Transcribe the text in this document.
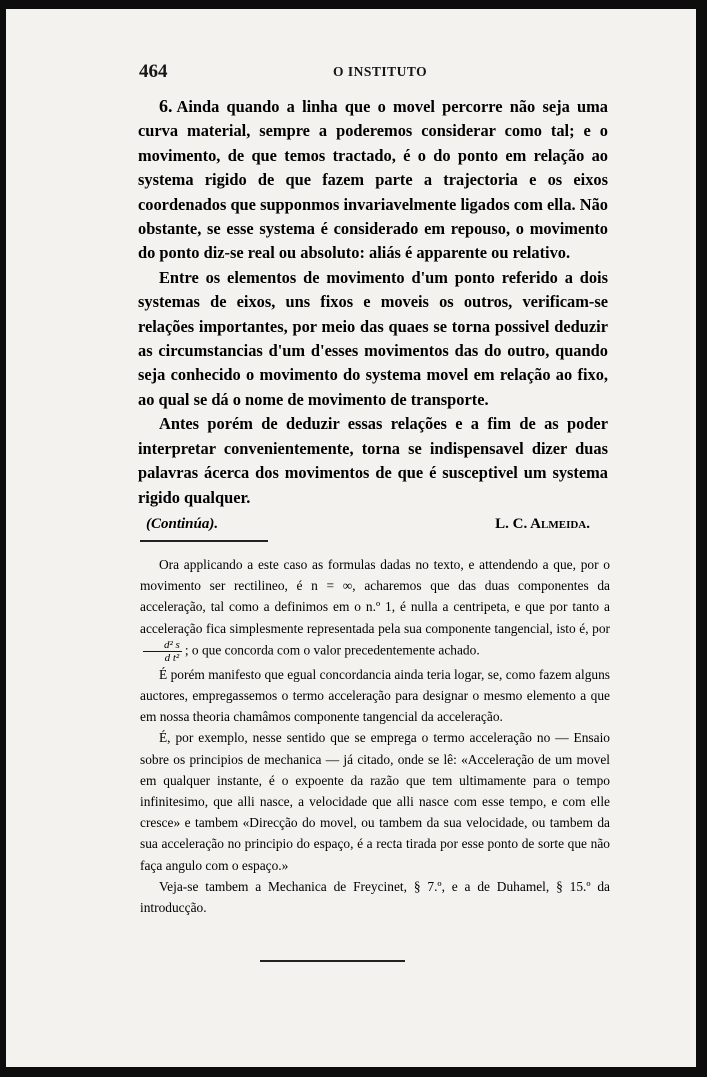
464	O INSTITUTO

6. Ainda quando a linha que o movel percorre não seja uma curva material, sempre a poderemos considerar como tal; e o movimento, de que temos tractado, é o do ponto em relação ao systema rigido de que fazem parte a trajectoria e os eixos coordenados que supponmos invariavelmente ligados com ella. Não obstante, se esse systema é considerado em repouso, o movimento do ponto diz-se real ou absoluto: aliás é apparente ou relativo.

Entre os elementos de movimento d'um ponto referido a dois systemas de eixos, uns fixos e moveis os outros, verificam-se relações importantes, por meio das quaes se torna possivel deduzir as circumstancias d'um d'esses movimentos das do outro, quando seja conhecido o movimento do systema movel em relação ao fixo, ao qual se dá o nome de movimento de transporte.

Antes porém de deduzir essas relações e a fim de as poder interpretar convenientemente, torna se indispensavel dizer duas palavras ácerca dos movimentos de que é susceptivel um systema rigido qualquer.

(Continúa).	L. C. Almeida.

Ora applicando a este caso as formulas dadas no texto, e attendendo a que, por o movimento ser rectilineo, é n = ∞, acharemos que das duas componentes da acceleração, tal como a definimos em o n.º 1, é nulla a centripeta, e que por tanto a acceleração fica simplesmente representada pela sua componente tangencial, isto é, por
$\frac{\text{d² s}}{\text{d t²}}$ ; o que concorda com o valor precedentemente achado.

É porém manifesto que egual concordancia ainda teria logar, se, como fazem alguns auctores, empregassemos o termo acceleração para designar o mesmo elemento a que em nossa theoria chamâmos componente tangencial da acceleração.

É, por exemplo, nesse sentido que se emprega o termo acceleração no — Ensaio sobre os principios de mechanica — já citado, onde se lê: «Acceleração de um movel em qualquer instante, é o expoente da razão que tem ultimamente para o tempo infinitesimo, que alli nasce, a velocidade que alli nasce com esse tempo, e com elle cresce» e tambem «Direcção do movel, ou tambem da sua velocidade, ou tambem da sua acceleração no principio do espaço, é a recta tirada por esse ponto de sorte que não faça angulo com o espaço.»

Veja-se tambem a Mechanica de Freycinet, § 7.º, e a de Duhamel, § 15.º da introducção.
